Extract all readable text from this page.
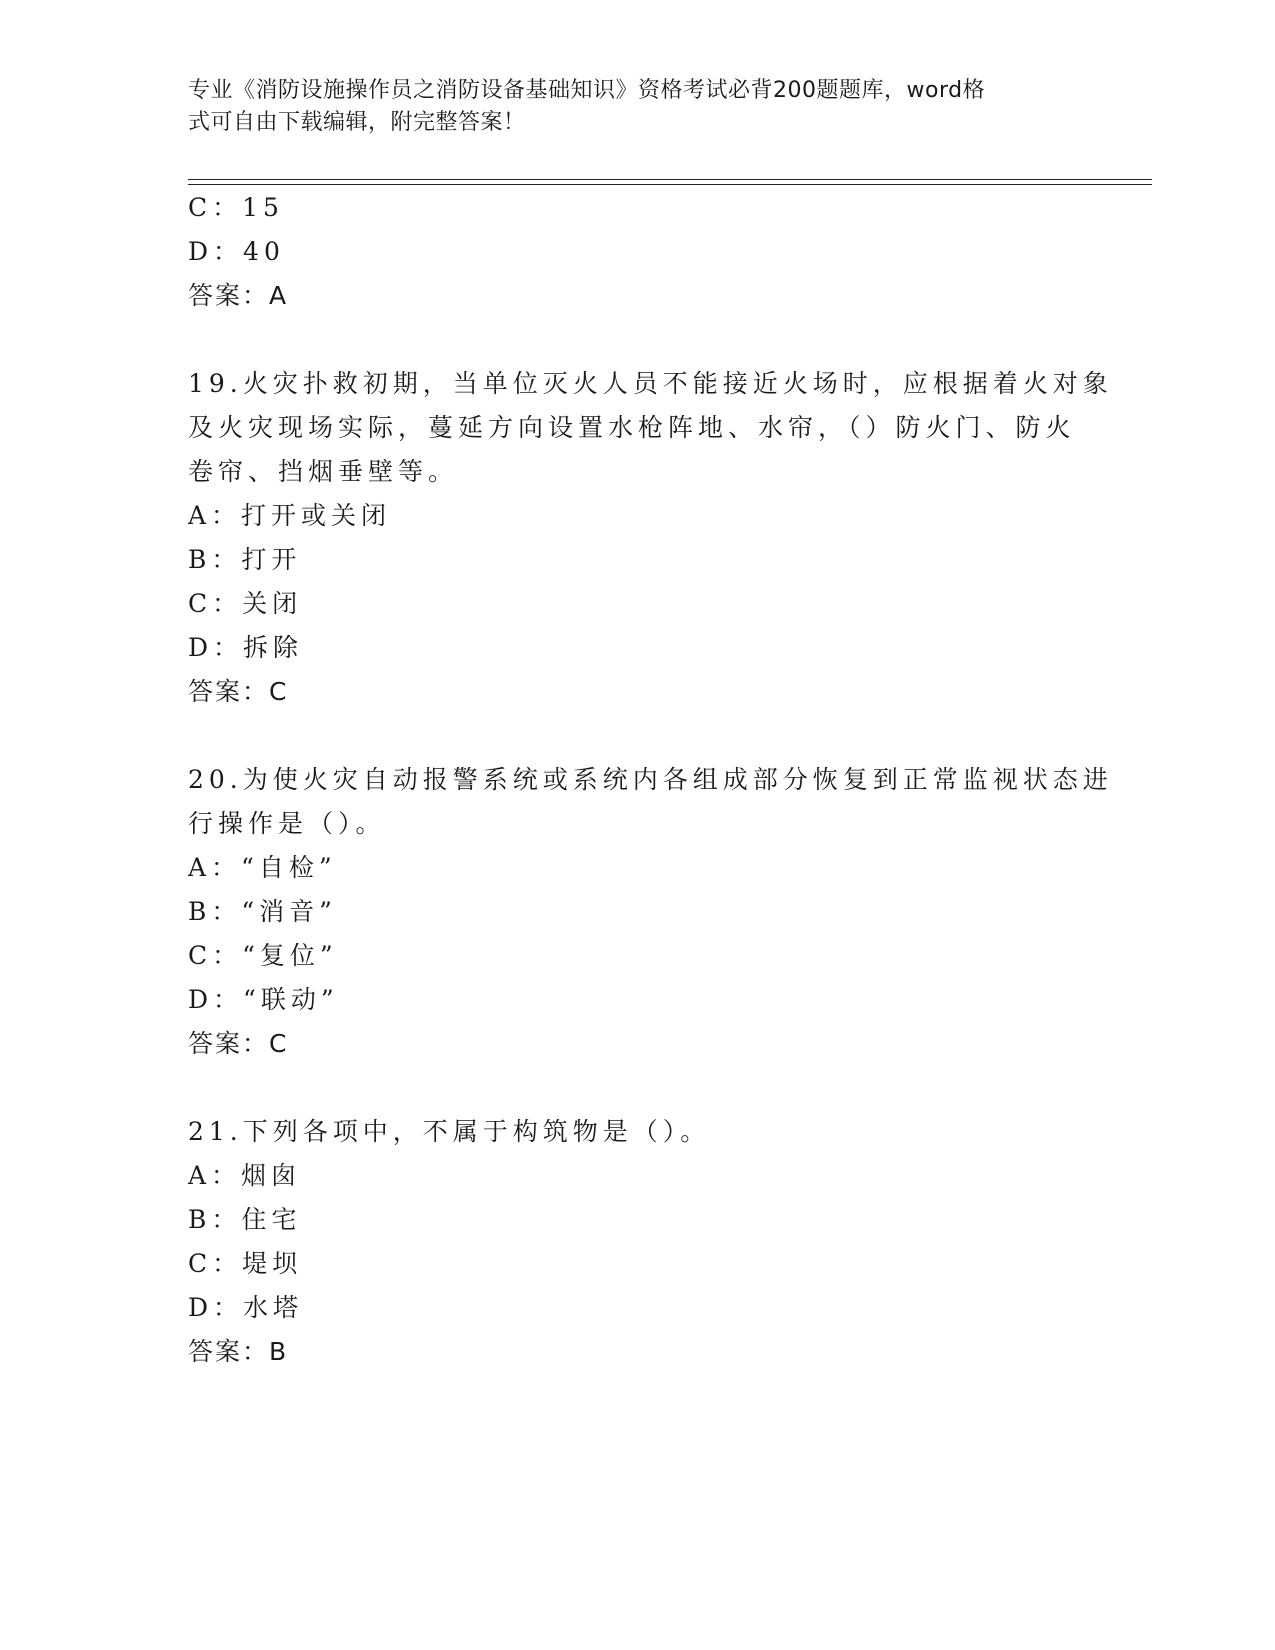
专业《消防设施操作员之消防设备基础知识》资格考试必背200题题库，word格
式可自由下载编辑，附完整答案！
C：15
D：40
答案：A
19.火灾扑救初期，当单位灭火人员不能接近火场时，应根据着火对象
及火灾现场实际，蔓延方向设置水枪阵地、水帘，（）防火门、防火
卷帘、挡烟垂壁等。
A：打开或关闭
B：打开
C：关闭
D：拆除
答案：C
20.为使火灾自动报警系统或系统内各组成部分恢复到正常监视状态进
行操作是（）。
A：“自检”
B：“消音”
C：“复位”
D：“联动”
答案：C
21.下列各项中，不属于构筑物是（）。
A：烟囱
B：住宅
C：堤坝
D：水塔
答案：B
